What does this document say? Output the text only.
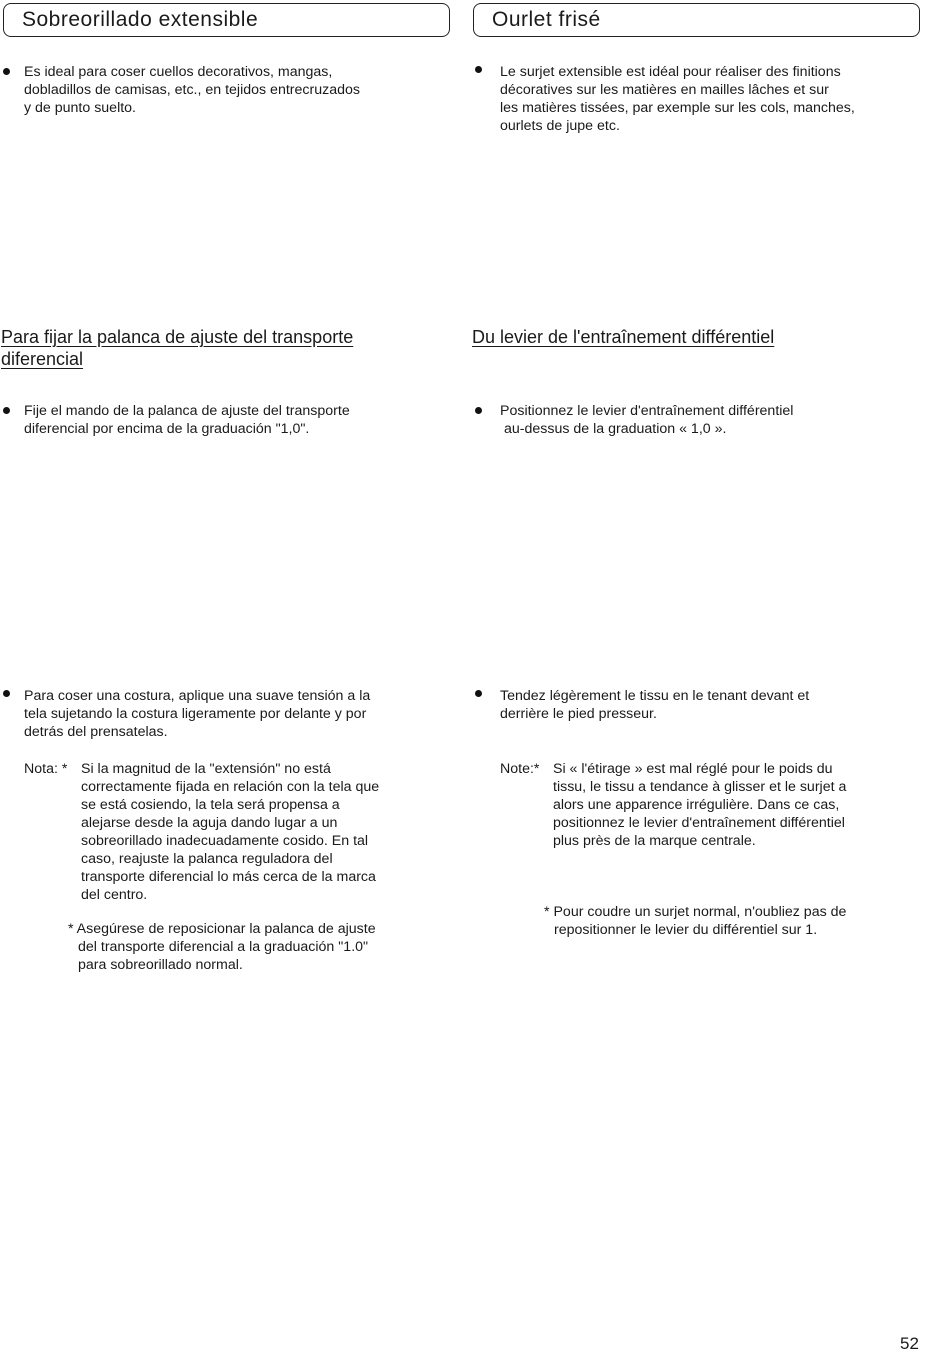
Sobreorillado extensible
Es ideal para coser cuellos decorativos, mangas,
dobladillos de camisas, etc., en tejidos entrecruzados
y de punto suelto.
Para fijar la palanca de ajuste del transporte
diferencial
Fije el mando de la palanca de ajuste del transporte
diferencial por encima de la graduación "1,0".
Para coser una costura, aplique una suave tensión a la
tela sujetando la costura ligeramente por delante y por
detrás del prensatelas.
Nota: * Si la magnitud de la "extensión" no está
correctamente fijada en relación con la tela que
se está cosiendo, la tela será propensa a
alejarse desde la aguja dando lugar a un
sobreorillado inadecuadamente cosido. En tal
caso, reajuste la palanca reguladora del
transporte diferencial lo más cerca de la marca
del centro.
* Asegúrese de reposicionar la palanca de ajuste
del transporte diferencial a la graduación "1.0"
para sobreorillado normal.
Ourlet frisé
Le surjet extensible est idéal pour réaliser des finitions
décoratives sur les matières en mailles lâches et sur
les matières tissées, par exemple sur les cols, manches,
ourlets de jupe etc.
Du levier de l'entraînement différentiel
Positionnez le levier d'entraînement différentiel
au-dessus de la graduation « 1,0 ».
Tendez légèrement le tissu en le tenant devant et
derrière le pied presseur.
Note:* Si « l'étirage » est mal réglé pour le poids du
tissu, le tissu a tendance à glisser et le surjet a
alors une apparence irrégulière. Dans ce cas,
positionnez le levier d'entraînement différentiel
plus près de la marque centrale.
* Pour coudre un surjet normal, n'oubliez pas de
repositionner le levier du différentiel sur 1.
52
